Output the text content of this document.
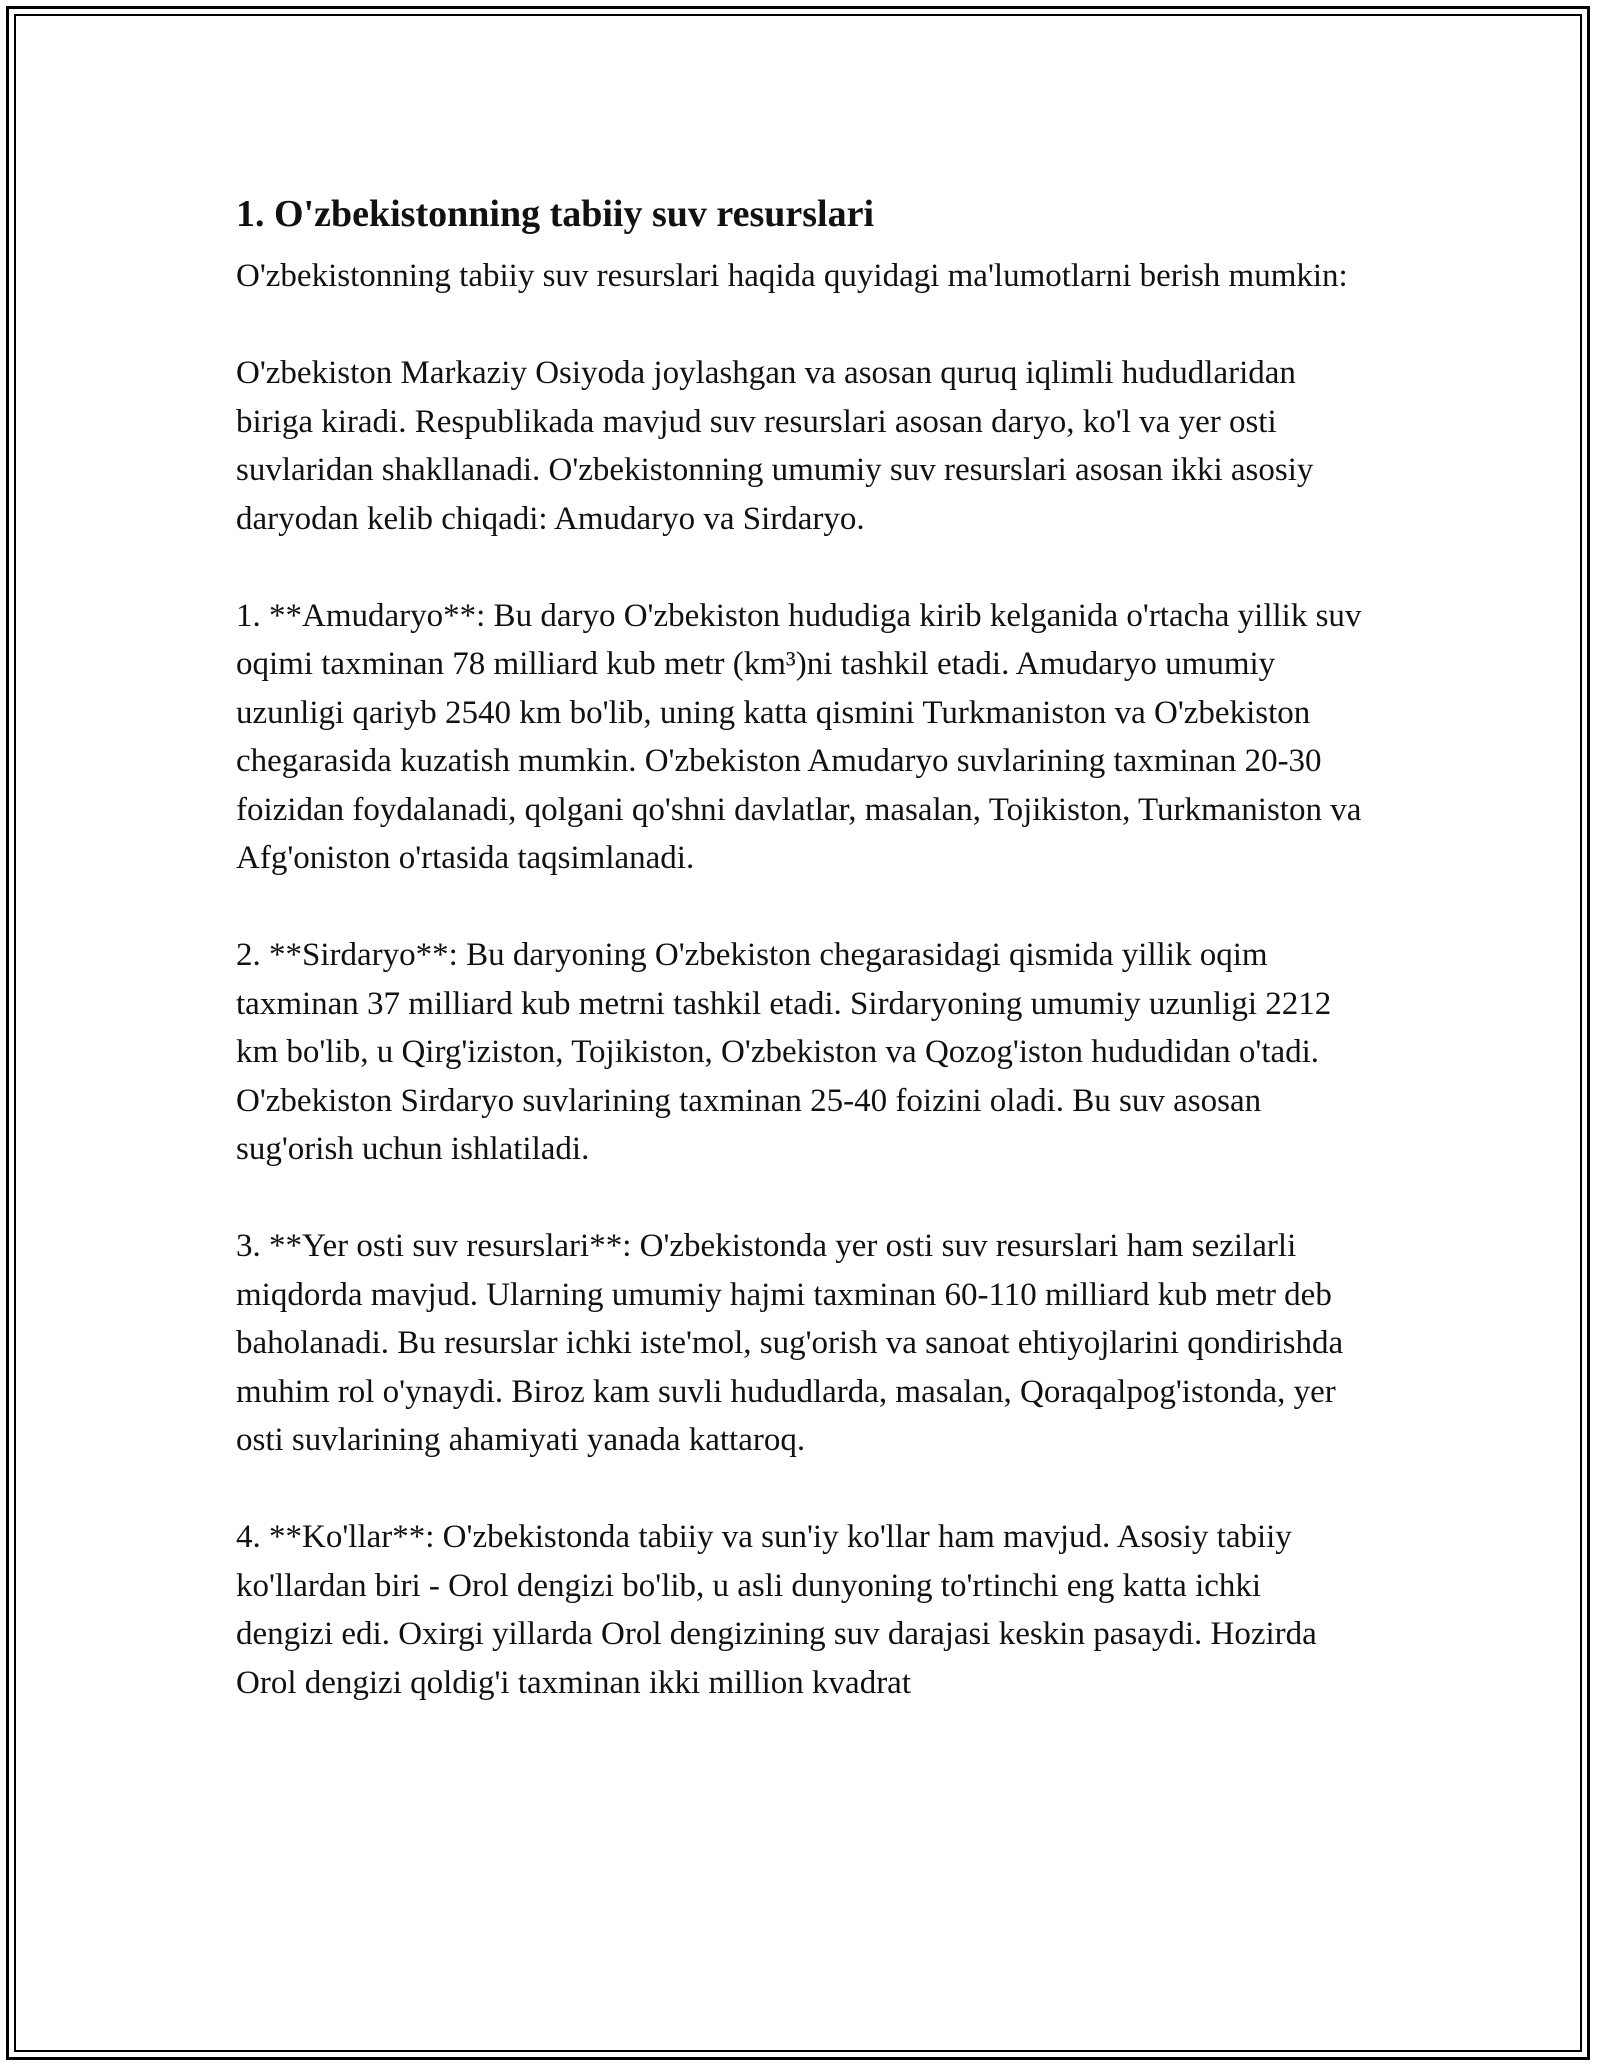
1. O'zbekistonning tabiiy suv resurslari

O'zbekistonning tabiiy suv resurslari haqida quyidagi ma'lumotlarni berish mumkin:

O'zbekiston Markaziy Osiyoda joylashgan va asosan quruq iqlimli hududlaridan biriga kiradi. Respublikada mavjud suv resurslari asosan daryo, ko'l va yer osti suvlaridan shakllanadi. O'zbekistonning umumiy suv resurslari asosan ikki asosiy daryodan kelib chiqadi: Amudaryo va Sirdaryo.

1. **Amudaryo**: Bu daryo O'zbekiston hududiga kirib kelganida o'rtacha yillik suv oqimi taxminan 78 milliard kub metr (km³)ni tashkil etadi. Amudaryo umumiy uzunligi qariyb 2540 km bo'lib, uning katta qismini Turkmaniston va O'zbekiston chegarasida kuzatish mumkin. O'zbekiston Amudaryo suvlarining taxminan 20-30 foizidan foydalanadi, qolgani qo'shni davlatlar, masalan, Tojikiston, Turkmaniston va Afg'oniston o'rtasida taqsimlanadi.

2. **Sirdaryo**: Bu daryoning O'zbekiston chegarasidagi qismida yillik oqim taxminan 37 milliard kub metrni tashkil etadi. Sirdaryoning umumiy uzunligi 2212 km bo'lib, u Qirg'iziston, Tojikiston, O'zbekiston va Qozog'iston hududidan o'tadi. O'zbekiston Sirdaryo suvlarining taxminan 25-40 foizini oladi. Bu suv asosan sug'orish uchun ishlatiladi.

3. **Yer osti suv resurslari**: O'zbekistonda yer osti suv resurslari ham sezilarli miqdorda mavjud. Ularning umumiy hajmi taxminan 60-110 milliard kub metr deb baholanadi. Bu resurslar ichki iste'mol, sug'orish va sanoat ehtiyojlarini qondirishda muhim rol o'ynaydi. Biroz kam suvli hududlarda, masalan, Qoraqalpog'istonda, yer osti suvlarining ahamiyati yanada kattaroq.

4. **Ko'llar**: O'zbekistonda tabiiy va sun'iy ko'llar ham mavjud. Asosiy tabiiy ko'llardan biri - Orol dengizi bo'lib, u asli dunyoning to'rtinchi eng katta ichki dengizi edi. Oxirgi yillarda Orol dengizining suv darajasi keskin pasaydi. Hozirda Orol dengizi qoldig'i taxminan ikki million kvadrat
